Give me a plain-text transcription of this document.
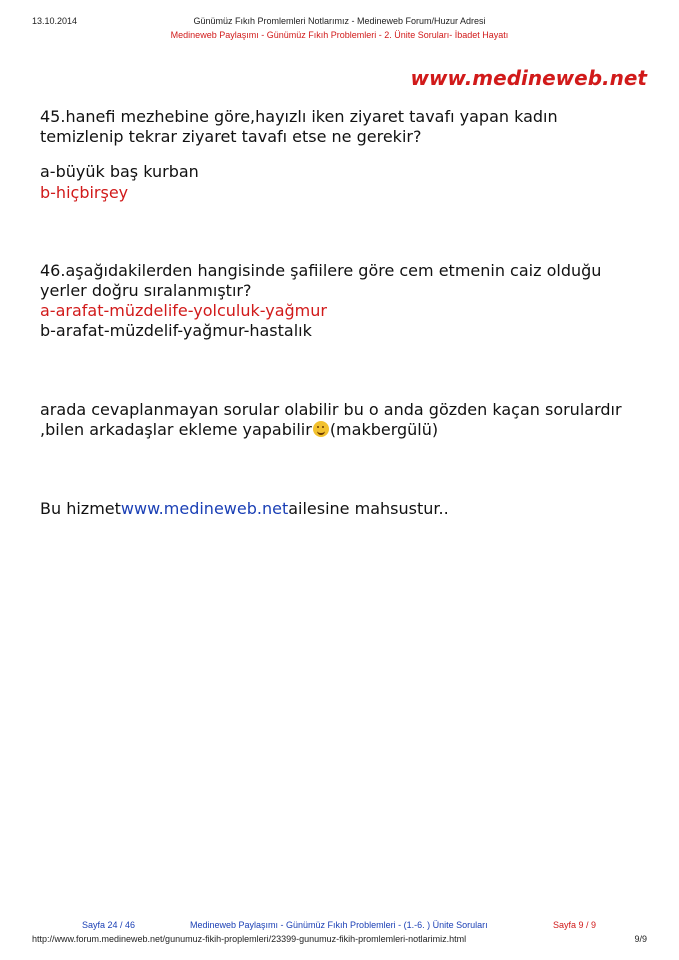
13.10.2014	Günümüz Fıkıh Promlemleri Notlarımız - Medineweb Forum/Huzur Adresi
Medineweb Paylaşımı - Günümüz Fıkıh Problemleri - 2. Ünite Soruları- İbadet Hayatı
www.medineweb.net
45.hanefi mezhebine göre,hayızlı iken ziyaret tavafı yapan kadın
temizlenip tekrar ziyaret tavafı etse ne gerekir?
a-büyük baş kurban
b-hiçbirşey
46.aşağıdakilerden hangisinde şafiilere göre cem etmenin caiz olduğu
yerler doğru sıralanmıştır?
a-arafat-müzdelife-yolculuk-yağmur
b-arafat-müzdelif-yağmur-hastalık
arada cevaplanmayan sorular olabilir bu o anda gözden kaçan sorulardır
,bilen arkadaşlar ekleme yapabilir (makbergülü)
Bu hizmetwww.medineweb.netailesine mahsustur..
Sayfa 24 / 46	Medineweb Paylaşımı - Günümüz Fıkıh Problemleri - (1.-6. ) Ünite Soruları	Sayfa 9 / 9
http://www.forum.medineweb.net/gunumuz-fikih-proplemleri/23399-gunumuz-fikih-promlemleri-notlarimiz.html	9/9
